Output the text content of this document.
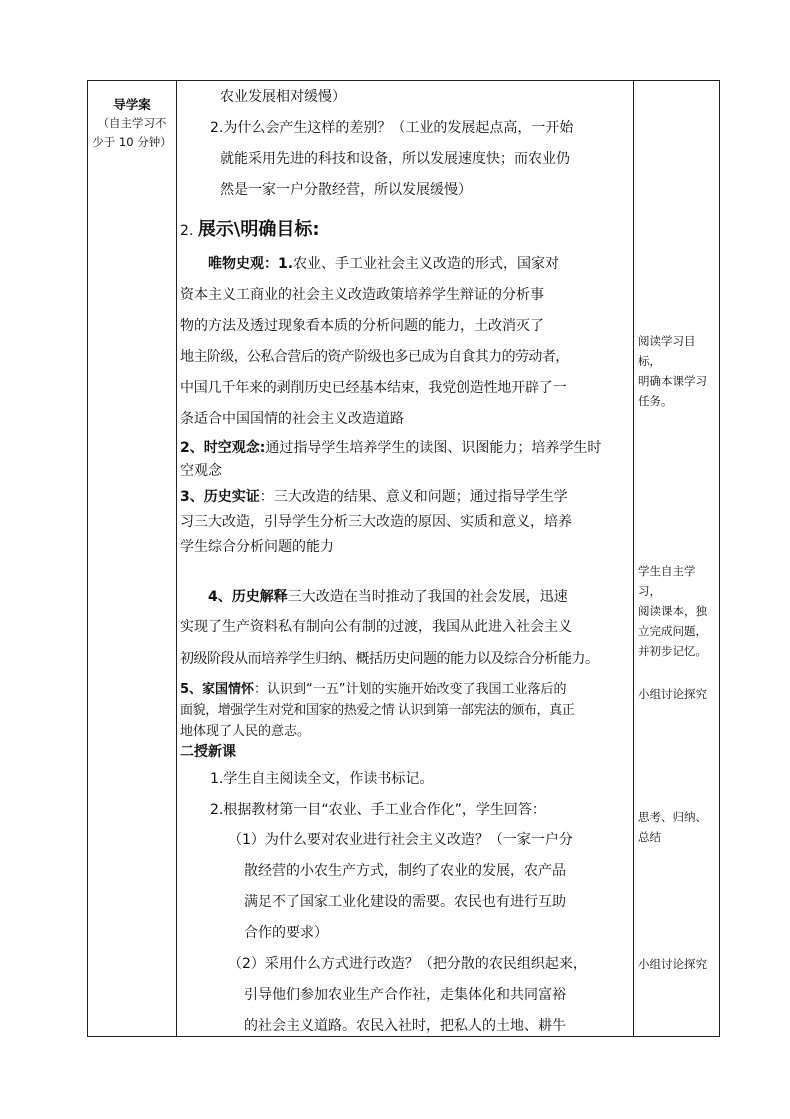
导学案
（自主学习不
少于 10 分钟）
农业发展相对缓慢）
2.为什么会产生这样的差别？（工业的发展起点高，一开始
就能采用先进的科技和设备，所以发展速度快；而农业仍
然是一家一户分散经营，所以发展缓慢）
2. 展示\明确目标:
唯物史观：1.农业、手工业社会主义改造的形式，国家对
资本主义工商业的社会主义改造政策培养学生辩证的分析事
物的方法及透过现象看本质的分析问题的能力，土改消灭了
地主阶级，公私合营后的资产阶级也多已成为自食其力的劳动者，
中国几千年来的剥削历史已经基本结束，我党创造性地开辟了一
条适合中国国情的社会主义改造道路
2、时空观念:通过指导学生培养学生的读图、识图能力；培养学生时
空观念
3、历史实证：三大改造的结果、意义和问题；通过指导学生学
习三大改造，引导学生分析三大改造的原因、实质和意义，培养
学生综合分析问题的能力
4、历史解释三大改造在当时推动了我国的社会发展，迅速
实现了生产资料私有制向公有制的过渡，我国从此进入社会主义
初级阶段从而培养学生归纳、概括历史问题的能力以及综合分析能力。
5、家国情怀：认识到“一五”计划的实施开始改变了我国工业落后的
面貌，增强学生对党和国家的热爱之情 认识到第一部宪法的颁布，真正
地体现了人民的意志。
二授新课
1.学生自主阅读全文，作读书标记。
2.根据教材第一目“农业、手工业合作化”，学生回答：
（1）为什么要对农业进行社会主义改造？（一家一户分
散经营的小农生产方式，制约了农业的发展，农产品
满足不了国家工业化建设的需要。农民也有进行互助
合作的要求）
（2）采用什么方式进行改造？（把分散的农民组织起来，
引导他们参加农业生产合作社，走集体化和共同富裕
的社会主义道路。农民入社时，把私人的土地、耕牛
阅读学习目标，
明确本课学习
任务。
学生自主学习，
阅读课本，独
立完成问题，
并初步记忆。
小组讨论探究
思考、归纳、
总结
小组讨论探究
